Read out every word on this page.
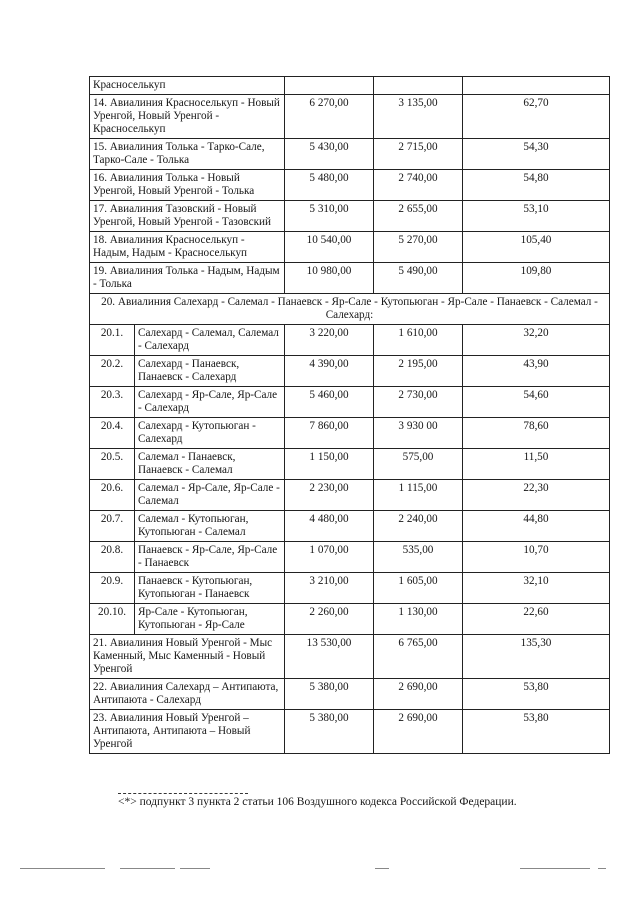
Красноселькуп				
14. Авиалиния Красноселькуп - Новый Уренгой, Новый Уренгой - Красноселькуп		6 270,00	3 135,00	62,70
15. Авиалиния Толька - Тарко-Сале, Тарко-Сале - Толька		5 430,00	2 715,00	54,30
16. Авиалиния Толька - Новый Уренгой, Новый Уренгой - Толька		5 480,00	2 740,00	54,80
17. Авиалиния Тазовский - Новый Уренгой, Новый Уренгой - Тазовский		5 310,00	2 655,00	53,10
18. Авиалиния Красноселькуп - Надым, Надым - Красноселькуп		10 540,00	5 270,00	105,40
19. Авиалиния Толька - Надым, Надым - Толька		10 980,00	5 490,00	109,80
20. Авиалиния Салехард - Салемал - Панаевск - Яр-Сале - Кутопьюган - Яр-Сале - Панаевск - Салемал - Салехард:				
20.1.	Салехард - Салемал, Салемал - Салехард	3 220,00	1 610,00	32,20
20.2.	Салехард - Панаевск, Панаевск - Салехард	4 390,00	2 195,00	43,90
20.3.	Салехард - Яр-Сале, Яр-Сале - Салехард	5 460,00	2 730,00	54,60
20.4.	Салехард - Кутопьюган - Салехард	7 860,00	3 930 00	78,60
20.5.	Салемал - Панаевск, Панаевск - Салемал	1 150,00	575,00	11,50
20.6.	Салемал - Яр-Сале, Яр-Сале - Салемал	2 230,00	1 115,00	22,30
20.7.	Салемал - Кутопьюган, Кутопьюган - Салемал	4 480,00	2 240,00	44,80
20.8.	Панаевск - Яр-Сале, Яр-Сале - Панаевск	1 070,00	535,00	10,70
20.9.	Панаевск - Кутопьюган, Кутопьюган - Панаевск	3 210,00	1 605,00	32,10
20.10.	Яр-Сале - Кутопьюган, Кутопьюган - Яр-Сале	2 260,00	1 130,00	22,60
21. Авиалиния Новый Уренгой - Мыс Каменный, Мыс Каменный - Новый Уренгой		13 530,00	6 765,00	135,30
22. Авиалиния Салехард – Антипаюта, Антипаюта - Салехард		5 380,00	2 690,00	53,80
23. Авиалиния Новый Уренгой – Антипаюта, Антипаюта – Новый Уренгой		5 380,00	2 690,00	53,80
<*> подпункт 3 пункта 2 статьи 106 Воздушного кодекса Российской Федерации.
